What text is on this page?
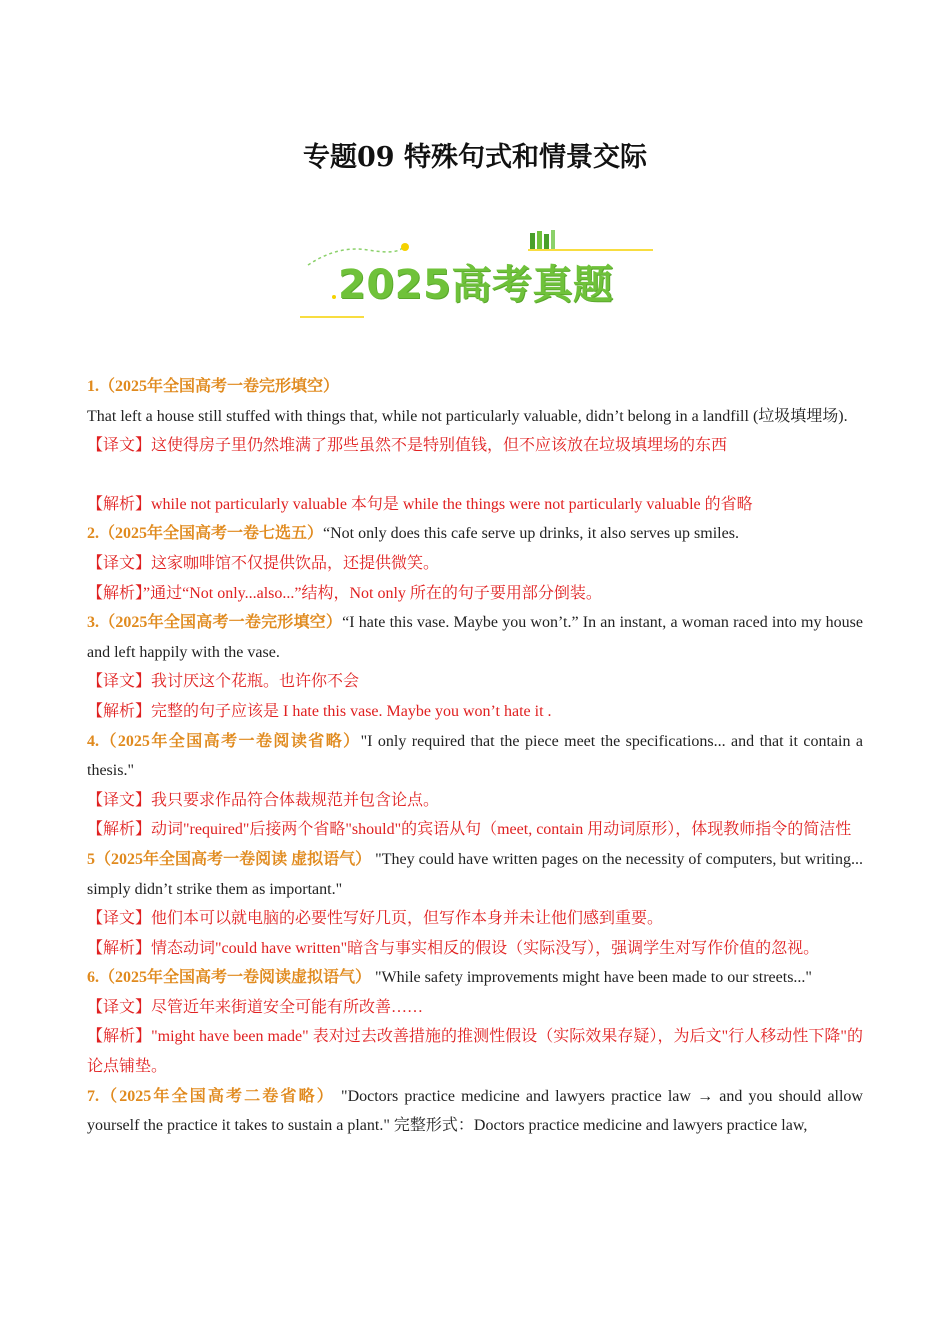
专题09 特殊句式和情景交际
2025高考真题

1.（2025年全国高考一卷完形填空）

That left a house still stuffed with things that, while not particularly valuable, didn’t belong in a landfill (垃圾填埋场).

【译文】这使得房子里仍然堆满了那些虽然不是特别值钱，但不应该放在垃圾填埋场的东西

【解析】while not particularly valuable 本句是 while the things were not particularly valuable 的省略

2.（2025年全国高考一卷七选五）“Not only does this cafe serve up drinks, it also serves up smiles.

【译文】这家咖啡馆不仅提供饮品，还提供微笑。

【解析】”通过“Not only...also...”结构，Not only 所在的句子要用部分倒装。

3.（2025年全国高考一卷完形填空）“I hate this vase. Maybe you won’t.” In an instant, a woman raced into my house and left happily with the vase.

【译文】我讨厌这个花瓶。也许你不会

【解析】完整的句子应该是 I hate this vase. Maybe you won’t hate it .

4.（2025年全国高考一卷阅读省略）"I only required that the piece meet the specifications... and that it contain a thesis."

【译文】我只要求作品符合体裁规范并包含论点。

【解析】动词"required"后接两个省略"should"的宾语从句（meet, contain 用动词原形），体现教师指令的简洁性

5（2025年全国高考一卷阅读 虚拟语气） "They could have written pages on the necessity of computers, but writing... simply didn’t strike them as important."

【译文】他们本可以就电脑的必要性写好几页，但写作本身并未让他们感到重要。

【解析】情态动词"could have written"暗含与事实相反的假设（实际没写），强调学生对写作价值的忽视。

6.（2025年全国高考一卷阅读虚拟语气） "While safety improvements might have been made to our streets..."

【译文】尽管近年来街道安全可能有所改善……

【解析】"might have been made" 表对过去改善措施的推测性假设（实际效果存疑），为后文"行人移动性下降"的论点铺垫。

7.（2025年全国高考二卷省略） "Doctors practice medicine and lawyers practice law → and you should allow yourself the practice it takes to sustain a plant." 完整形式：Doctors practice medicine and lawyers practice law,
